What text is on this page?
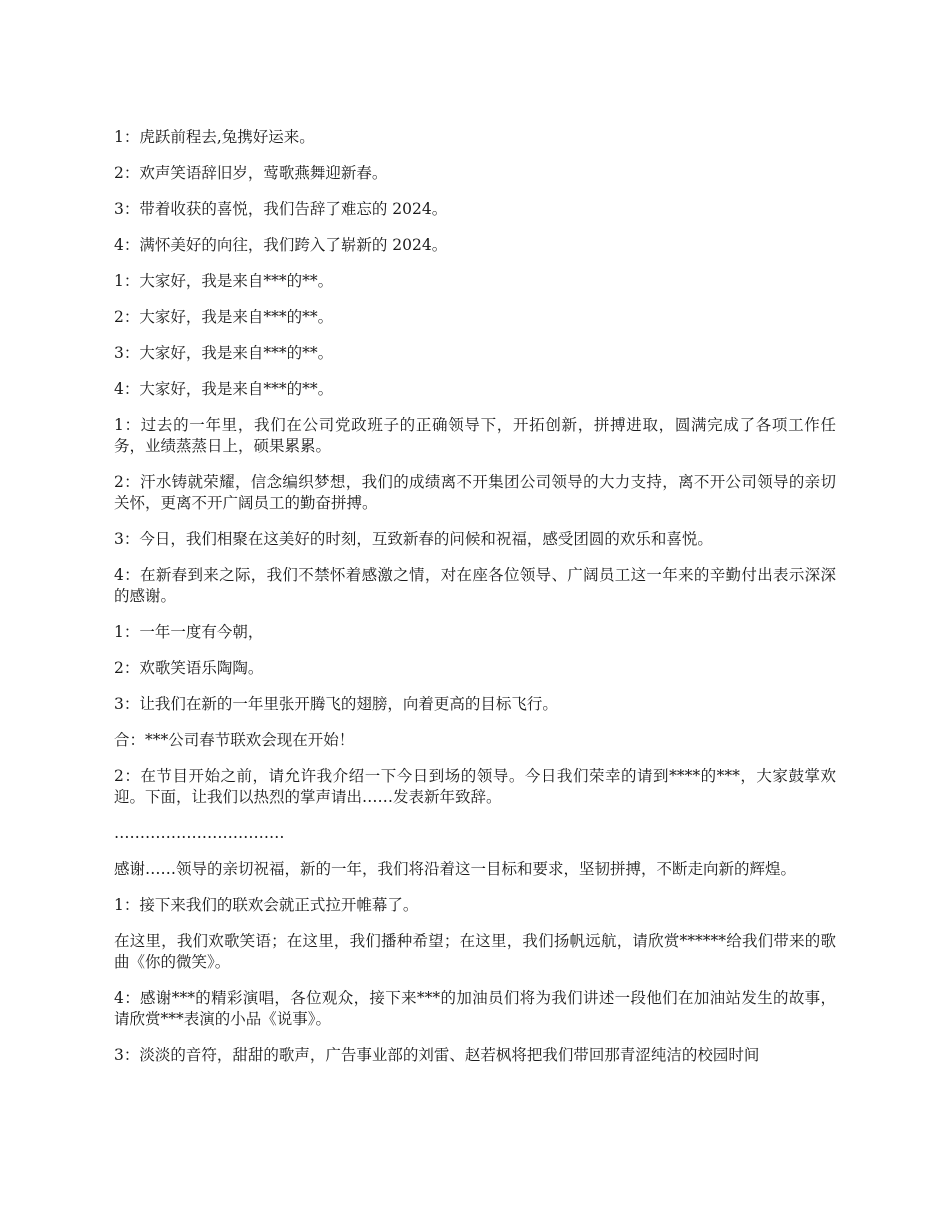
1：虎跃前程去,兔携好运来。

2：欢声笑语辞旧岁，莺歌燕舞迎新春。

3：带着收获的喜悦，我们告辞了难忘的 2024。

4：满怀美好的向往，我们跨入了崭新的 2024。

1：大家好，我是来自***的**。

2：大家好，我是来自***的**。

3：大家好，我是来自***的**。

4：大家好，我是来自***的**。

1：过去的一年里，我们在公司党政班子的正确领导下，开拓创新，拼搏进取，圆满完成了各项工作任务，业绩蒸蒸日上，硕果累累。

2：汗水铸就荣耀，信念编织梦想，我们的成绩离不开集团公司领导的大力支持，离不开公司领导的亲切关怀，更离不开广阔员工的勤奋拼搏。

3：今日，我们相聚在这美好的时刻，互致新春的问候和祝福，感受团圆的欢乐和喜悦。

4：在新春到来之际，我们不禁怀着感激之情，对在座各位领导、广阔员工这一年来的辛勤付出表示深深的感谢。

1：一年一度有今朝，

2：欢歌笑语乐陶陶。

3：让我们在新的一年里张开腾飞的翅膀，向着更高的目标飞行。

合：***公司春节联欢会现在开始！

2：在节目开始之前，请允许我介绍一下今日到场的领导。今日我们荣幸的请到****的***，大家鼓掌欢迎。下面，让我们以热烈的掌声请出……发表新年致辞。

……………………………

感谢……领导的亲切祝福，新的一年，我们将沿着这一目标和要求，坚韧拼搏，不断走向新的辉煌。

1：接下来我们的联欢会就正式拉开帷幕了。

在这里，我们欢歌笑语；在这里，我们播种希望；在这里，我们扬帆远航，请欣赏******给我们带来的歌曲《你的微笑》。

4：感谢***的精彩演唱，各位观众，接下来***的加油员们将为我们讲述一段他们在加油站发生的故事，请欣赏***表演的小品《说事》。

3：淡淡的音符，甜甜的歌声，广告事业部的刘雷、赵若枫将把我们带回那青涩纯洁的校园时间
